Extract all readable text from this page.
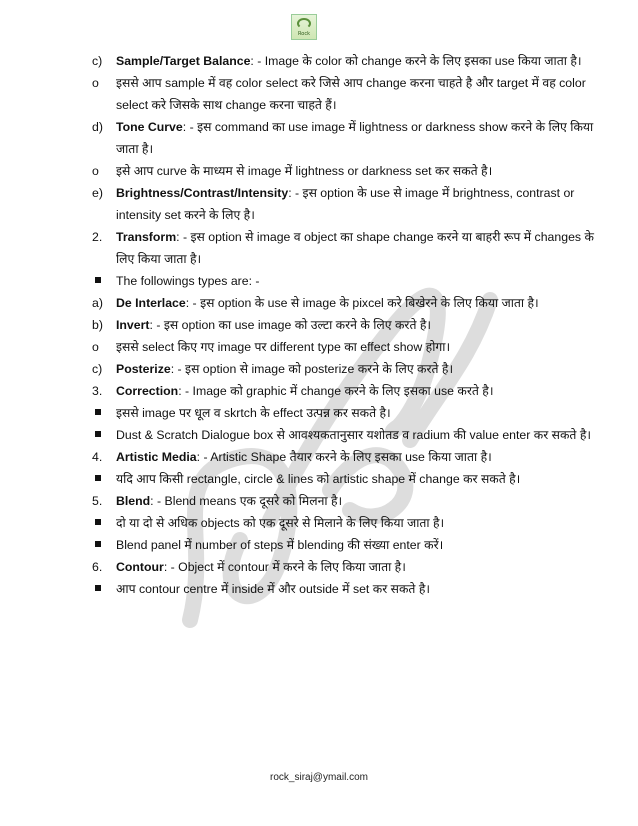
Rock
c)	Sample/Target Balance: - Image के color को change करने के लिए इसका use किया जाता है।
o	इससे आप sample में वह color select करे जिसे आप change करना चाहते है और target में वह color select करे जिसके साथ change करना चाहते हैं।
d)	Tone Curve: - इस command का use image में lightness or darkness show करने के लिए किया जाता है।
o	इसे आप curve के माध्यम से image में lightness or darkness set कर सकते है।
e)	Brightness/Contrast/Intensity: - इस option के use से image में brightness, contrast or intensity set करने के लिए है।
2.	Transform: - इस option से image व object का shape change करने या बाहरी रूप में changes के लिए किया जाता है।
The followings types are: -
a)	De Interlace: - इस option के use से image के pixcel करे बिखेरने के लिए किया जाता है।
b)	Invert: - इस option का use image को उल्टा करने के लिए करते है।
o	इससे select किए गए image पर different type का effect show होगा।
c)	Posterize: - इस option से image को posterize करने के लिए करते है।
3.	Correction: - Image को graphic में change करने के लिए इसका use करते है।
इससे image पर धूल व skrtch के effect उत्पन्न कर सकते है।
Dust & Scratch Dialogue box से आवश्यकतानुसार यशोतड व radium की value enter कर सकते है।
4.	Artistic Media: - Artistic Shape तैयार करने के लिए इसका use किया जाता है।
यदि आप किसी rectangle, circle & lines को artistic shape में change कर सकते है।
5.	Blend: - Blend means एक दूसरे को मिलना है।
दो या दो से अधिक objects को एक दूसरे से मिलाने के लिए किया जाता है।
Blend panel में number of steps में blending की संख्या enter करें।
6.	Contour: - Object में contour में करने के लिए किया जाता है।
आप contour centre में inside में और outside में set कर सकते है।
rock_siraj@ymail.com
